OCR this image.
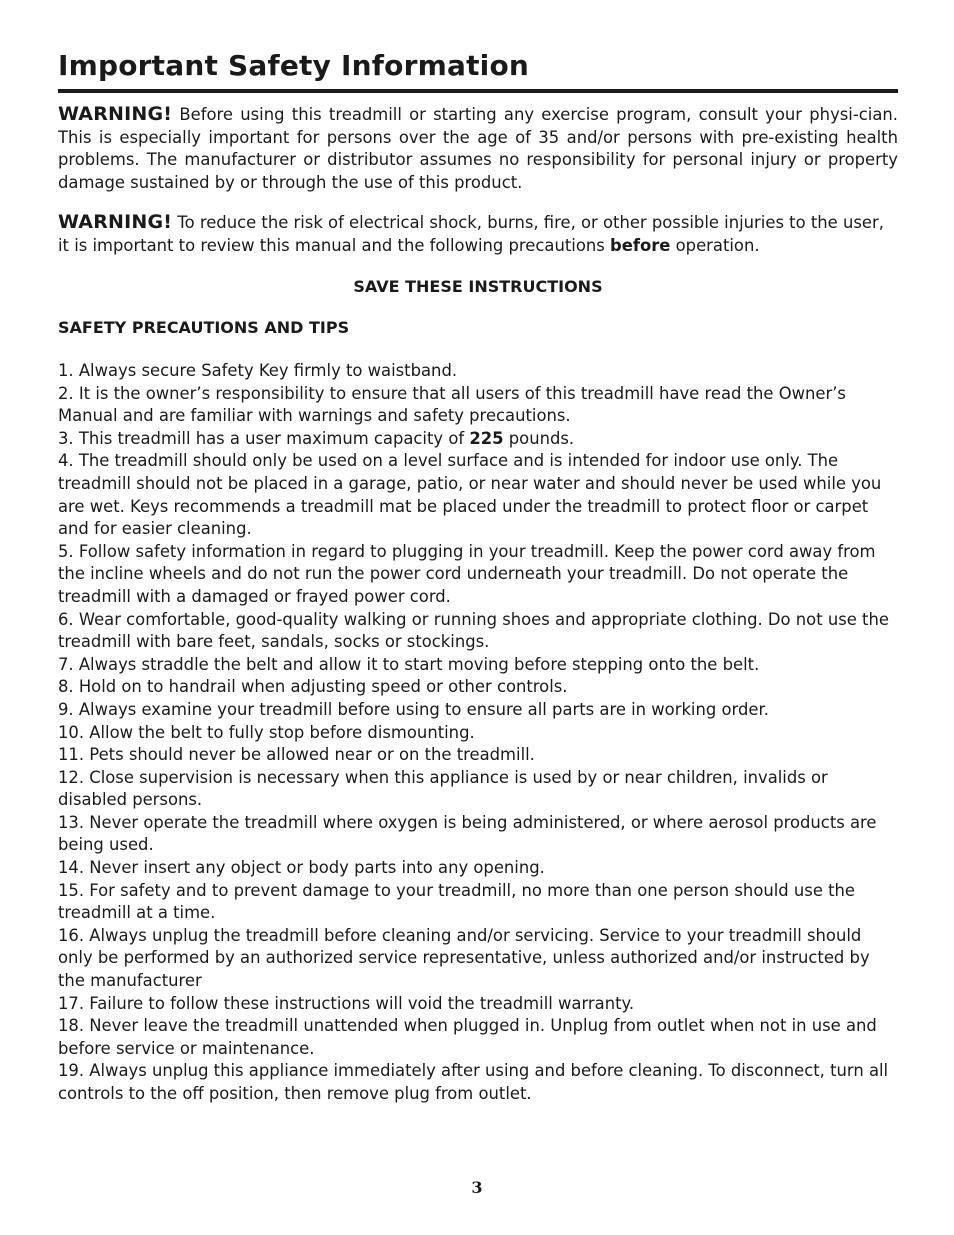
Important Safety Information

WARNING! Before using this treadmill or starting any exercise program, consult your physi-cian. This is especially important for persons over the age of 35 and/or persons with pre-existing health problems. The manufacturer or distributor assumes no responsibility for personal injury or property damage sustained by or through the use of this product.

WARNING! To reduce the risk of electrical shock, burns, fire, or other possible injuries to the user, it is important to review this manual and the following precautions before operation.

SAVE THESE INSTRUCTIONS

SAFETY PRECAUTIONS AND TIPS

1. Always secure Safety Key firmly to waistband.
2. It is the owner’s responsibility to ensure that all users of this treadmill have read the Owner’s Manual and are familiar with warnings and safety precautions.
3. This treadmill has a user maximum capacity of 225 pounds.
4. The treadmill should only be used on a level surface and is intended for indoor use only. The treadmill should not be placed in a garage, patio, or near water and should never be used while you are wet. Keys recommends a treadmill mat be placed under the treadmill to protect floor or carpet and for easier cleaning.
5. Follow safety information in regard to plugging in your treadmill. Keep the power cord away from the incline wheels and do not run the power cord underneath your treadmill. Do not operate the treadmill with a damaged or frayed power cord.
6. Wear comfortable, good-quality walking or running shoes and appropriate clothing. Do not use the treadmill with bare feet, sandals, socks or stockings.
7. Always straddle the belt and allow it to start moving before stepping onto the belt.
8. Hold on to handrail when adjusting speed or other controls.
9. Always examine your treadmill before using to ensure all parts are in working order.
10. Allow the belt to fully stop before dismounting.
11. Pets should never be allowed near or on the treadmill.
12. Close supervision is necessary when this appliance is used by or near children, invalids or disabled persons.
13. Never operate the treadmill where oxygen is being administered, or where aerosol products are being used.
14. Never insert any object or body parts into any opening.
15. For safety and to prevent damage to your treadmill, no more than one person should use the treadmill at a time.
16. Always unplug the treadmill before cleaning and/or servicing. Service to your treadmill should only be performed by an authorized service representative, unless authorized and/or instructed by the manufacturer
17. Failure to follow these instructions will void the treadmill warranty.
18. Never leave the treadmill unattended when plugged in. Unplug from outlet when not in use and before service or maintenance.
19. Always unplug this appliance immediately after using and before cleaning. To disconnect, turn all controls to the off position, then remove plug from outlet.
3
